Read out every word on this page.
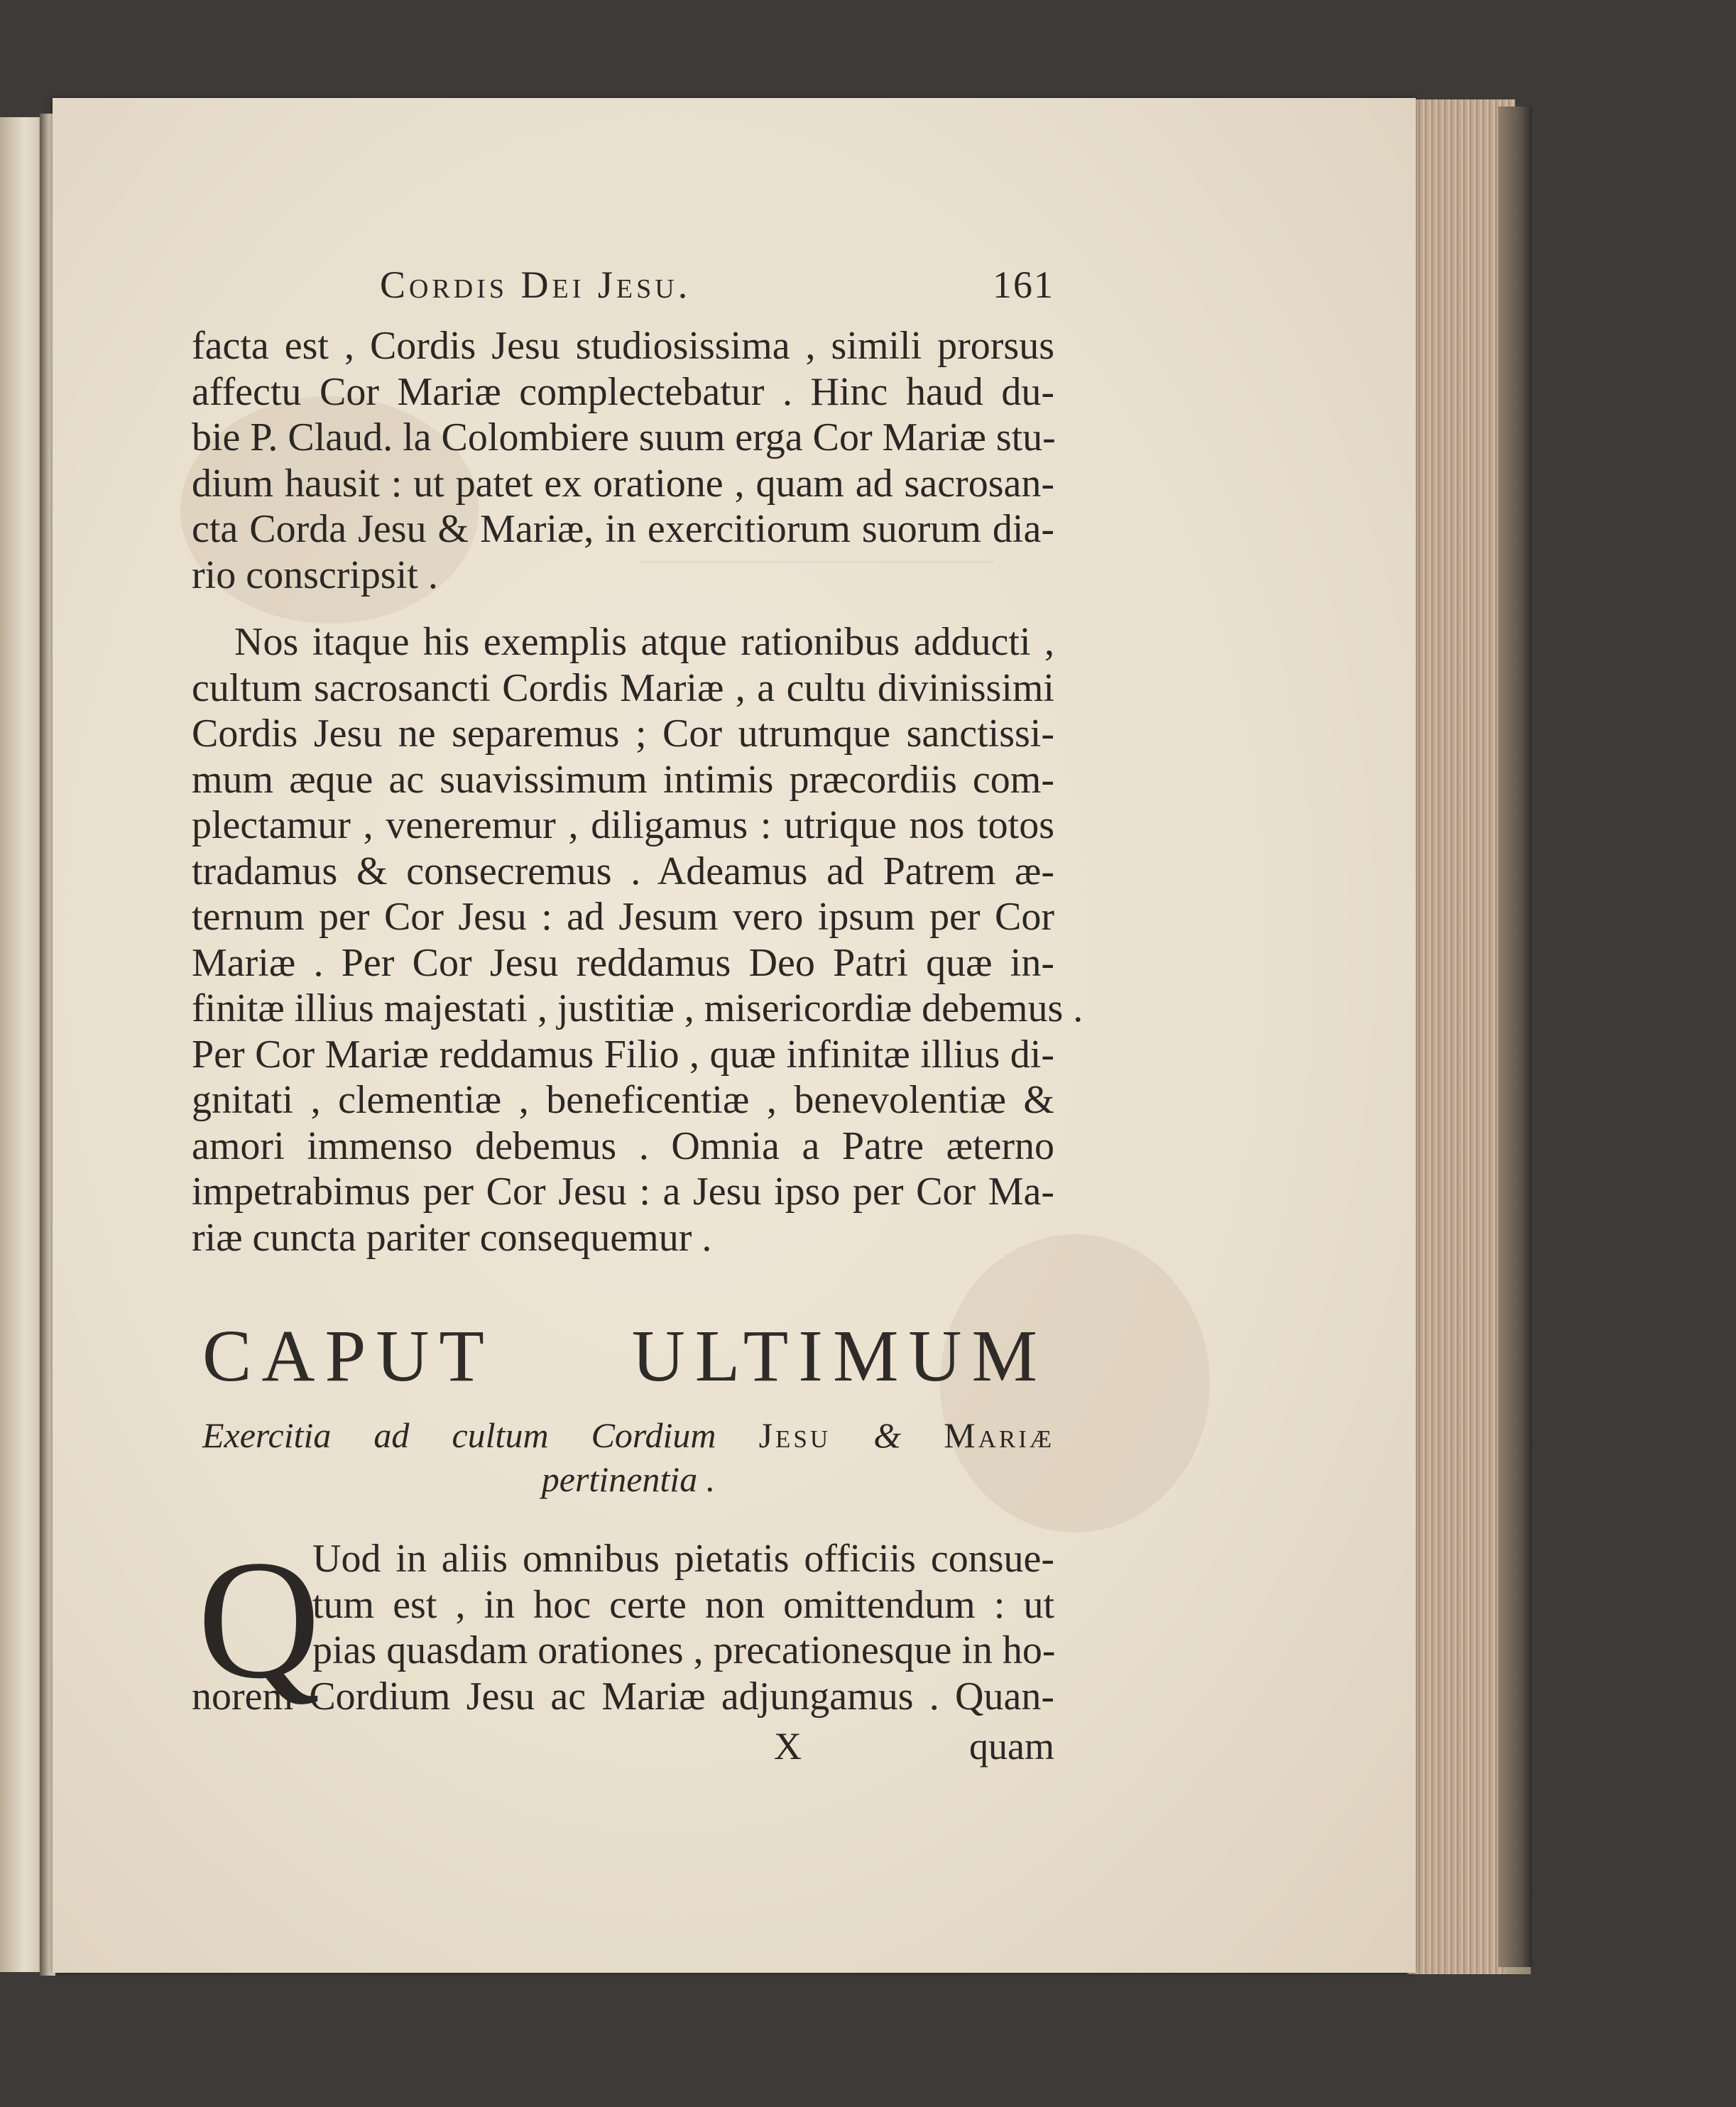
Cordis Dei Jesu.	161
facta est , Cordis Jesu studiosissima , simili prorsus
affectu Cor Mariæ complectebatur . Hinc haud du-
bie P. Claud. la Colombiere suum erga Cor Mariæ stu-
dium hausit : ut patet ex oratione , quam ad sacrosan-
cta Corda Jesu & Mariæ, in exercitiorum suorum dia-
rio conscripsit .
Nos itaque his exemplis atque rationibus adducti ,
cultum sacrosancti Cordis Mariæ , a cultu divinissimi
Cordis Jesu ne separemus ; Cor utrumque sanctissi-
mum æque ac suavissimum intimis præcordiis com-
plectamur , veneremur , diligamus : utrique nos totos
tradamus & consecremus . Adeamus ad Patrem æ-
ternum per Cor Jesu : ad Jesum vero ipsum per Cor
Mariæ . Per Cor Jesu reddamus Deo Patri quæ in-
finitæ illius majestati , justitiæ , misericordiæ debemus .
Per Cor Mariæ reddamus Filio , quæ infinitæ illius di-
gnitati , clementiæ , beneficentiæ , benevolentiæ &
amori immenso debemus . Omnia a Patre æterno
impetrabimus per Cor Jesu : a Jesu ipso per Cor Ma-
riæ cuncta pariter consequemur .
CAPUT ULTIMUM
Exercitia ad cultum Cordium Jesu & Mariæ
pertinentia .
Q
Uod in aliis omnibus pietatis officiis consue-
tum est , in hoc certe non omittendum : ut
pias quasdam orationes , precationesque in ho-
norem Cordium Jesu ac Mariæ adjungamus . Quan-
X	quam
